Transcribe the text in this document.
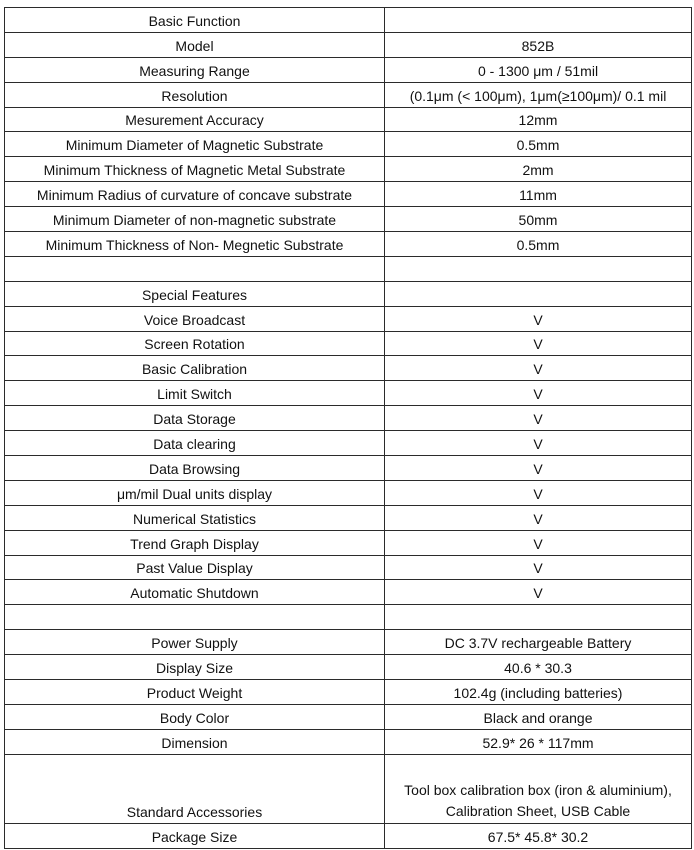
Basic Function	
Model	852B
Measuring Range	0 - 1300 μm / 51mil
Resolution	(0.1μm (< 100μm), 1μm(≥100μm)/ 0.1 mil
Mesurement Accuracy	12mm
Minimum Diameter of Magnetic Substrate	0.5mm
Minimum Thickness of Magnetic Metal Substrate	2mm
Minimum Radius of curvature of concave substrate	11mm
Minimum Diameter of non-magnetic substrate	50mm
Minimum Thickness of Non- Megnetic Substrate	0.5mm

Special Features	
Voice Broadcast	V
Screen Rotation	V
Basic Calibration	V
Limit Switch	V
Data Storage	V
Data clearing	V
Data Browsing	V
μm/mil Dual units display	V
Numerical Statistics	V
Trend Graph Display	V
Past Value Display	V
Automatic Shutdown	V

Power Supply	DC 3.7V rechargeable Battery
Display Size	40.6 * 30.3
Product Weight	102.4g (including batteries)
Body Color	Black and orange
Dimension	52.9* 26 * 117mm
Standard Accessories	Tool box calibration box (iron & aluminium),
Calibration Sheet, USB Cable

Package Size	67.5* 45.8* 30.2
